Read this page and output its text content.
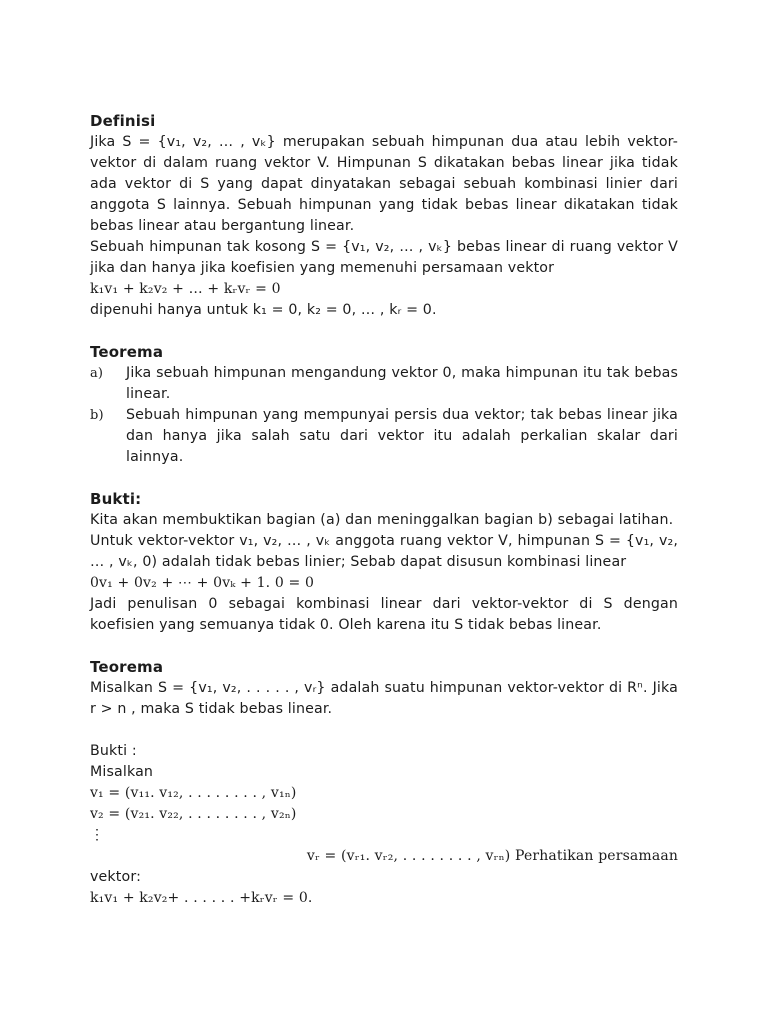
Definisi

Jika S = {v₁, v₂, … , vₖ} merupakan sebuah himpunan dua atau lebih vektor-vektor di dalam ruang vektor V. Himpunan S dikatakan bebas linear jika tidak ada vektor di S yang dapat dinyatakan sebagai sebuah kombinasi linier dari anggota S lainnya. Sebuah himpunan yang tidak bebas linear dikatakan tidak bebas linear atau bergantung linear.

Sebuah himpunan tak kosong S = {v₁, v₂, … , vₖ} bebas linear di ruang vektor V jika dan hanya jika koefisien yang memenuhi persamaan vektor

k₁v₁ + k₂v₂ + … + kᵣvᵣ = 0

dipenuhi hanya untuk k₁ = 0, k₂ = 0, … , kᵣ = 0.

Teorema

a)	Jika sebuah himpunan mengandung vektor 0, maka himpunan itu tak bebas linear.
b)	Sebuah himpunan yang mempunyai persis dua vektor; tak bebas linear jika dan hanya jika salah satu dari vektor itu adalah perkalian skalar dari lainnya.

Bukti:

Kita akan membuktikan bagian (a) dan meninggalkan bagian b) sebagai latihan.

Untuk vektor-vektor v₁, v₂, … , vₖ anggota ruang vektor V, himpunan S = {v₁, v₂, … , vₖ, 0) adalah tidak bebas linier; Sebab dapat disusun kombinasi linear

0v₁ + 0v₂ + ⋯ + 0vₖ + 1. 0 = 0

Jadi penulisan 0 sebagai kombinasi linear dari vektor-vektor di S dengan koefisien yang semuanya tidak 0. Oleh karena itu S tidak bebas linear.

Teorema

Misalkan S = {v₁, v₂, . . . . . , vᵣ} adalah suatu himpunan vektor-vektor di Rⁿ. Jika r > n , maka S tidak bebas linear.

Bukti :

Misalkan

v₁ = (v₁₁. v₁₂, . . . . . . . . , v₁ₙ)

v₂ = (v₂₁. v₂₂, . . . . . . . . , v₂ₙ)

⋮

vᵣ = (vᵣ₁. vᵣ₂, . . . . . . . . , vᵣₙ) Perhatikan persamaan

vektor:

k₁v₁ + k₂v₂+ . . . . . . +kᵣvᵣ = 0.
